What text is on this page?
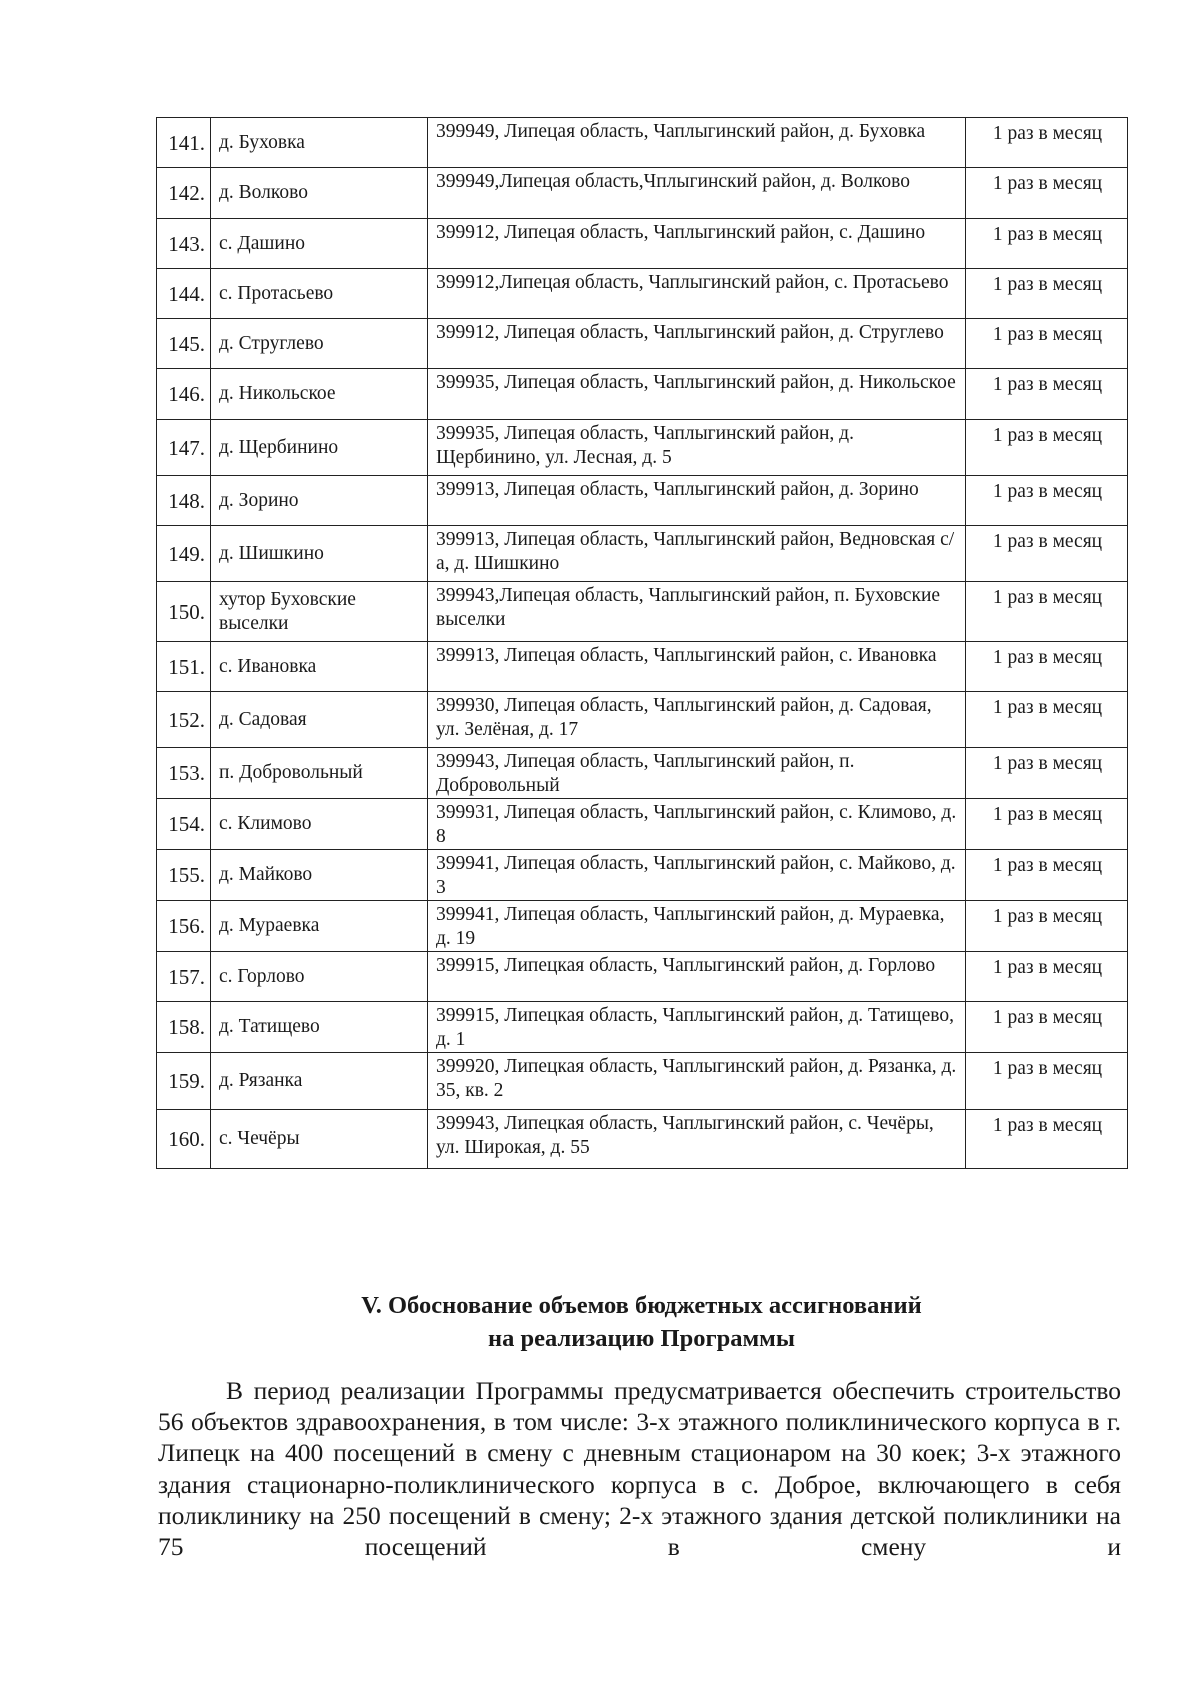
141.	д. Буховка	399949, Липецая область, Чаплыгинский район, д. Буховка	1 раз в месяц
142.	д. Волково	399949,Липецая область,Чплыгинский район, д. Волково	1 раз в месяц
143.	с. Дашино	399912, Липецая область, Чаплыгинский район, с. Дашино	1 раз в месяц
144.	с. Протасьево	399912,Липецая область, Чаплыгинский район, с. Протасьево	1 раз в месяц
145.	д. Струглево	399912, Липецая область, Чаплыгинский район, д. Струглево	1 раз в месяц
146.	д. Никольское	399935, Липецая область, Чаплыгинский район, д. Никольское	1 раз в месяц
147.	д. Щербинино	399935, Липецая область, Чаплыгинский район, д. Щербинино, ул. Лесная, д. 5	1 раз в месяц
148.	д. Зорино	399913, Липецая область, Чаплыгинский район, д. Зорино	1 раз в месяц
149.	д. Шишкино	399913, Липецая область, Чаплыгинский район, Ведновская с/а, д. Шишкино	1 раз в месяц
150.	хутор Буховские выселки	399943,Липецая область, Чаплыгинский район, п. Буховские выселки	1 раз в месяц
151.	с. Ивановка	399913, Липецая область, Чаплыгинский район, с. Ивановка	1 раз в месяц
152.	д. Садовая	399930, Липецая область, Чаплыгинский район, д. Садовая, ул. Зелёная, д. 17	1 раз в месяц
153.	п. Добровольный	399943, Липецая область, Чаплыгинский район, п. Добровольный	1 раз в месяц
154.	с. Климово	399931, Липецая область, Чаплыгинский район, с. Климово, д. 8	1 раз в месяц
155.	д. Майково	399941, Липецая область, Чаплыгинский район, с. Майково, д. 3	1 раз в месяц
156.	д. Мураевка	399941, Липецая область, Чаплыгинский район, д. Мураевка, д. 19	1 раз в месяц
157.	с. Горлово	399915, Липецкая область, Чаплыгинский район, д. Горлово	1 раз в месяц
158.	д. Татищево	399915, Липецкая область, Чаплыгинский район, д. Татищево, д. 1	1 раз в месяц
159.	д. Рязанка	399920, Липецкая область, Чаплыгинский район, д. Рязанка, д. 35, кв. 2	1 раз в месяц
160.	с. Чечёры	399943, Липецкая область, Чаплыгинский район, с. Чечёры, ул. Широкая, д. 55	1 раз в месяц
V. Обоснование объемов бюджетных ассигнований
на реализацию Программы
В период реализации Программы предусматривается обеспечить строительство 56 объектов здравоохранения, в том числе: 3-х этажного поликлинического корпуса в г. Липецк на 400 посещений в смену с дневным стационаром на 30 коек; 3-х этажного здания стационарно-поликлинического корпуса в с. Доброе, включающего в себя поликлинику на 250 посещений в смену; 2-х этажного здания детской поликлиники на 75 посещений в смену и
